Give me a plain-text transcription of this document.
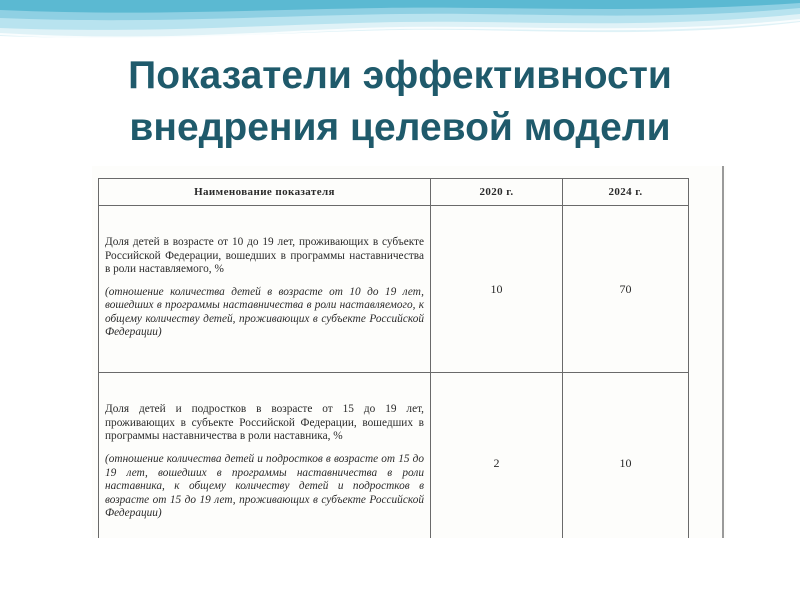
Показатели эффективности
внедрения целевой модели
Наименование показателя	2020 г.	2024 г.

Доля детей в возрасте от 10 до 19 лет, проживающих в субъекте Российской Федерации, вошедших в программы наставничества в роли наставляемого, %

(отношение количества детей в возрасте от 10 до 19 лет, вошедших в программы наставничества в роли наставляемого, к общему количеству детей, проживающих в субъекте Российской Федерации)	10	70

Доля детей и подростков в возрасте от 15 до 19 лет, проживающих в субъекте Российской Федерации, вошедших в программы наставничества в роли наставника, %

(отношение количества детей и подростков в возрасте от 15 до 19 лет, вошедших в программы наставничества в роли наставника, к общему количеству детей и подростков в возрасте от 15 до 19 лет, проживающих в субъекте Российской Федерации)	2	10
